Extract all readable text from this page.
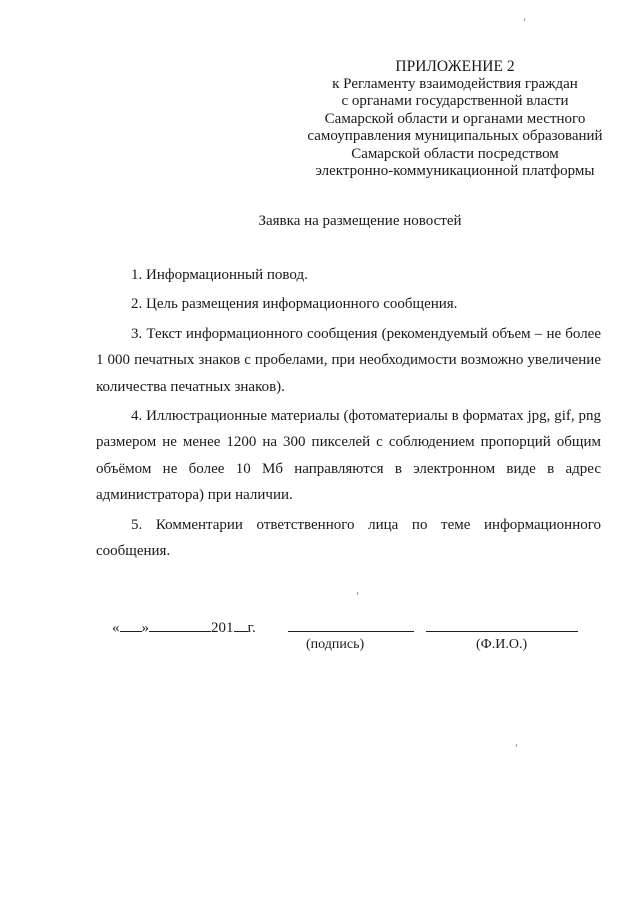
ПРИЛОЖЕНИЕ 2
к Регламенту взаимодействия граждан
с органами государственной власти
Самарской области и органами местного
самоуправления муниципальных образований
Самарской области посредством
электронно-коммуникационной платформы
Заявка на размещение новостей

1. Информационный повод.

2. Цель размещения информационного сообщения.

3. Текст информационного сообщения (рекомендуемый объем – не более 1 000 печатных знаков с пробелами, при необходимости возможно увеличение количества печатных знаков).

4. Иллюстрационные материалы (фотоматериалы в форматах jpg, gif, png размером не менее 1200 на 300 пикселей с соблюдением пропорций общим объёмом не более 10 Мб направляются в электронном виде в адрес администратора) при наличии.

5. Комментарии ответственного лица по теме информационного сообщения.

« »	201 г.
(подпись)	(Ф.И.О.)
